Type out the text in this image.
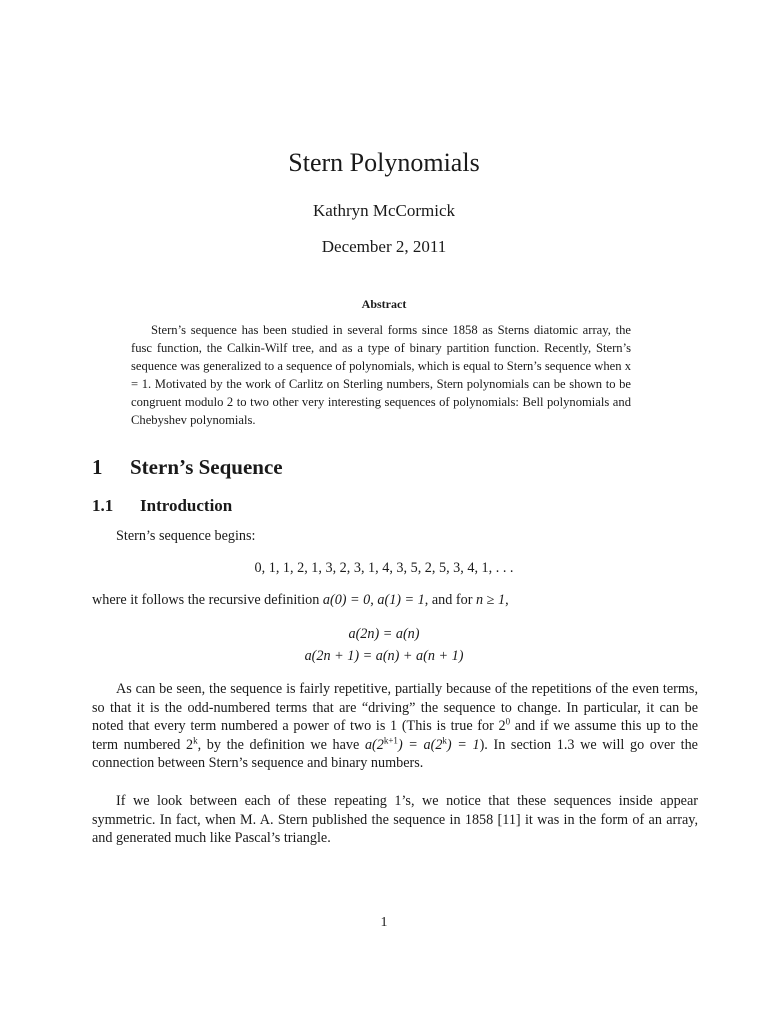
Stern Polynomials
Kathryn McCormick
December 2, 2011
Abstract
Stern’s sequence has been studied in several forms since 1858 as Sterns diatomic array, the fusc function, the Calkin-Wilf tree, and as a type of binary partition function. Recently, Stern’s sequence was generalized to a sequence of polynomials, which is equal to Stern’s sequence when x = 1. Motivated by the work of Carlitz on Sterling numbers, Stern polynomials can be shown to be congruent modulo 2 to two other very interesting sequences of polynomials: Bell polynomials and Chebyshev polynomials.
1 Stern’s Sequence
1.1 Introduction
Stern’s sequence begins:
0, 1, 1, 2, 1, 3, 2, 3, 1, 4, 3, 5, 2, 5, 3, 4, 1, . . .
where it follows the recursive definition a(0) = 0, a(1) = 1, and for n ≥ 1,
a(2n) = a(n)
a(2n + 1) = a(n) + a(n + 1)
As can be seen, the sequence is fairly repetitive, partially because of the repetitions of the even terms, so that it is the odd-numbered terms that are “driving” the sequence to change. In particular, it can be noted that every term numbered a power of two is 1 (This is true for $2^0$ and if we assume this up to the term numbered 2$^k$, by the definition we have $a(2^{k+1}) = a(2^k) = 1$). In section 1.3 we will go over the connection between Stern’s sequence and binary numbers.
If we look between each of these repeating 1’s, we notice that these sequences inside appear symmetric. In fact, when M. A. Stern published the sequence in 1858 [11] it was in the form of an array, and generated much like Pascal’s triangle.
1
